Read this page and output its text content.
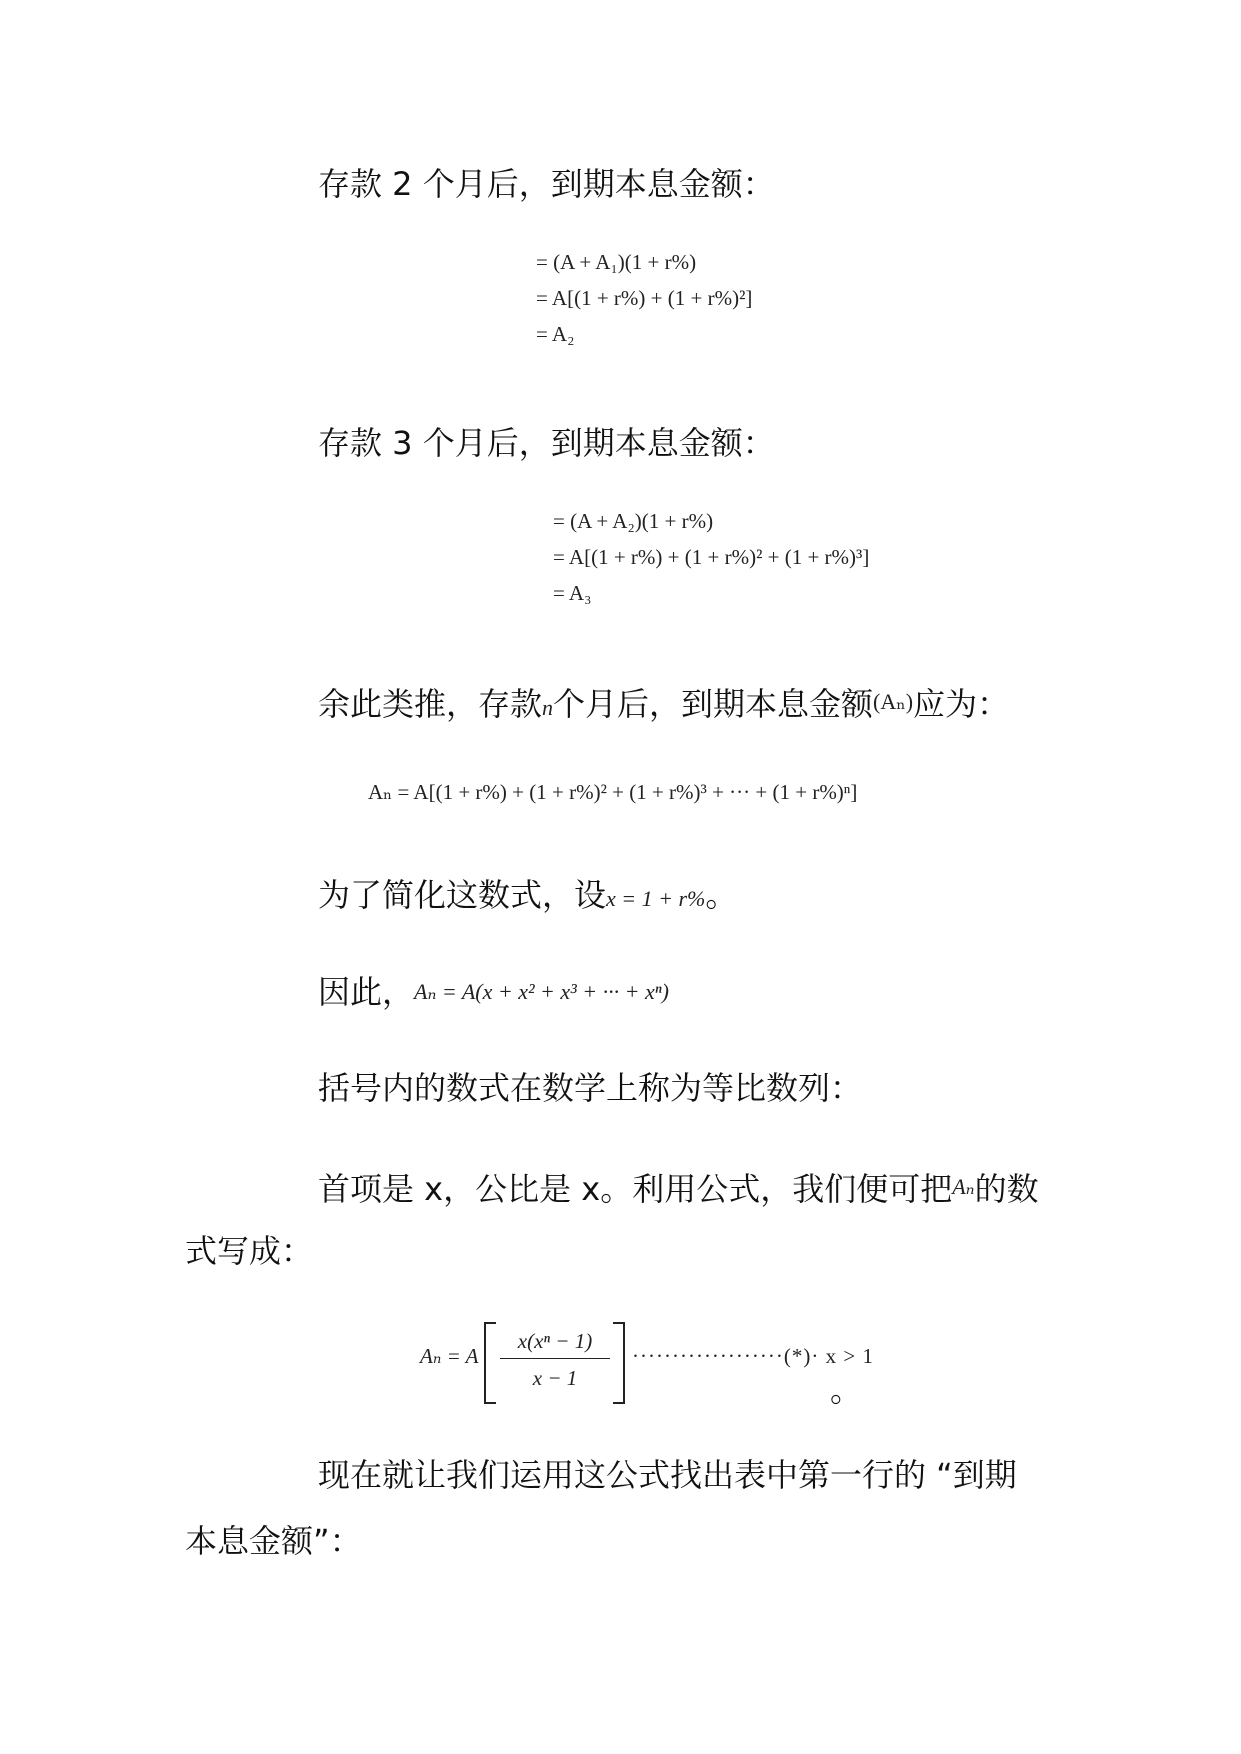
存款 2 个月后，到期本息金额：
= (A + A₁)(1 + r%)
= A[(1 + r%) + (1 + r%)²]
= A₂
存款 3 个月后，到期本息金额：
= (A + A₂)(1 + r%)
= A[(1 + r%) + (1 + r%)² + (1 + r%)³]
= A₃
余此类推，存款n个月后，到期本息金额(Aₙ)应为：
Aₙ = A[(1 + r%) + (1 + r%)² + (1 + r%)³ + ··· + (1 + r%)ⁿ]
为了简化这数式，设x = 1 + r%。
因此，Aₙ = A(x + x² + x³ + ··· + xⁿ)
括号内的数式在数学上称为等比数列：
首项是 x，公比是 x。利用公式，我们便可把Aₙ的数
式写成：
Aₙ = A $\frac{\text{x(xⁿ − 1)}}{x - 1}$ ···················(*)· x > 1
。
现在就让我们运用这公式找出表中第一行的 “到期
本息金额”：
